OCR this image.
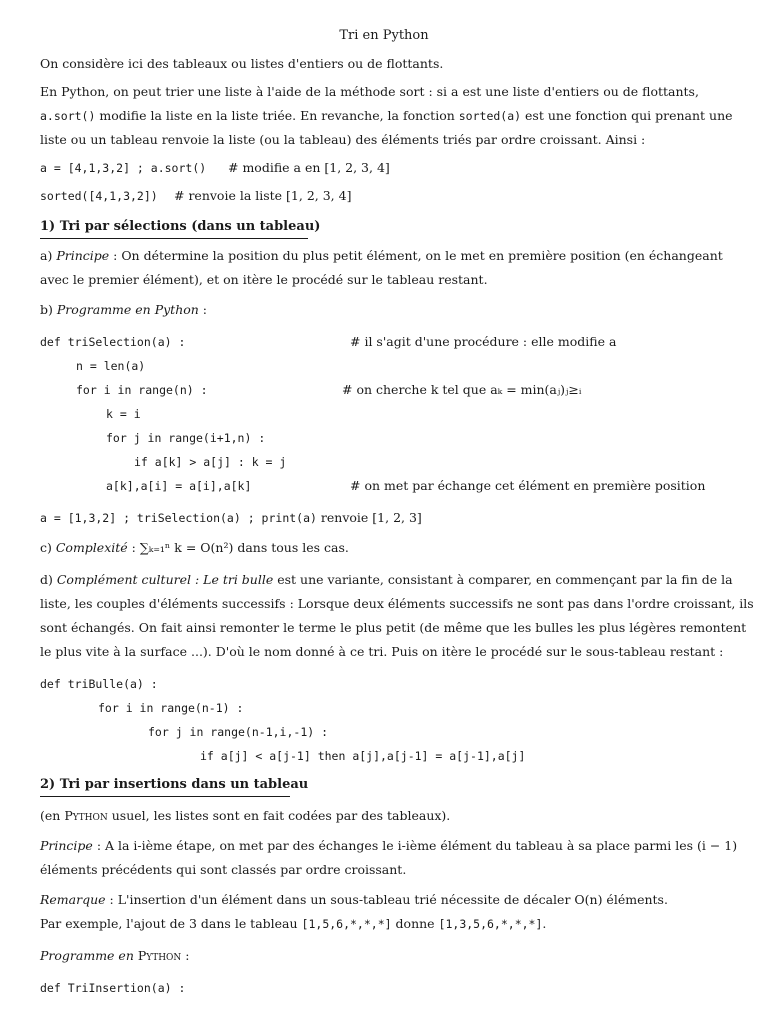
Tri en Python
On considère ici des tableaux ou listes d'entiers ou de flottants.
En Python, on peut trier une liste à l'aide de la méthode sort : si a est une liste d'entiers ou de flottants,
a.sort() modifie la liste en la liste triée. En revanche, la fonction sorted(a) est une fonction qui prenant une
liste ou un tableau renvoie la liste (ou la tableau) des éléments triés par ordre croissant. Ainsi :
a = [4,1,3,2] ; a.sort() # modifie a en [1, 2, 3, 4]
sorted([4,1,3,2]) # renvoie la liste [1, 2, 3, 4]
1) Tri par sélections (dans un tableau)
a) Principe : On détermine la position du plus petit élément, on le met en première position (en échangeant
avec le premier élément), et on itère le procédé sur le tableau restant.
b) Programme en Python :
def triSelection(a) :	# il s'agit d'une procédure : elle modifie a
n = len(a)
for i in range(n) :	# on cherche k tel que aₖ = min(aⱼ)ⱼ≥ᵢ
k = i
for j in range(i+1,n) :
if a[k] > a[j] : k = j
a[k],a[i] = a[i],a[k]	# on met par échange cet élément en première position
a = [1,3,2] ; triSelection(a) ; print(a) renvoie [1, 2, 3]
c) Complexité : ∑ₖ₌₁ⁿ k = O(n²) dans tous les cas.
d) Complément culturel : Le tri bulle est une variante, consistant à comparer, en commençant par la fin de la
liste, les couples d'éléments successifs : Lorsque deux éléments successifs ne sont pas dans l'ordre croissant, ils
sont échangés. On fait ainsi remonter le terme le plus petit (de même que les bulles les plus légères remontent
le plus vite à la surface ...). D'où le nom donné à ce tri. Puis on itère le procédé sur le sous-tableau restant :
def triBulle(a) :
for i in range(n-1) :
for j in range(n-1,i,-1) :
if a[j] < a[j-1] then a[j],a[j-1] = a[j-1],a[j]
2) Tri par insertions dans un tableau
(en Python usuel, les listes sont en fait codées par des tableaux).
Principe : A la i-ième étape, on met par des échanges le i-ième élément du tableau à sa place parmi les (i − 1)
éléments précédents qui sont classés par ordre croissant.
Remarque : L'insertion d'un élément dans un sous-tableau trié nécessite de décaler O(n) éléments.
Par exemple, l'ajout de 3 dans le tableau [1,5,6,*,*,*] donne [1,3,5,6,*,*,*].
Programme en Python :
def TriInsertion(a) :
